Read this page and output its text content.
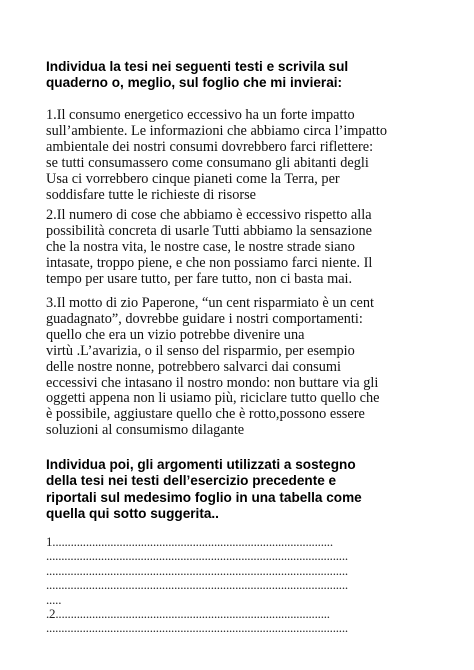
Individua la tesi nei seguenti testi e scrivila sul
quaderno o, meglio, sul foglio che mi invierai:
1.Il consumo energetico eccessivo ha un forte impatto
sull’ambiente. Le informazioni che abbiamo circa l’impatto
ambientale dei nostri consumi dovrebbero farci riflettere:
se tutti consumassero come consumano gli abitanti degli
Usa ci vorrebbero cinque pianeti come la Terra, per
soddisfare tutte le richieste di risorse
2.Il numero di cose che abbiamo è eccessivo rispetto alla
possibilità concreta di usarle Tutti abbiamo la sensazione
che la nostra vita, le nostre case, le nostre strade siano
intasate, troppo piene, e che non possiamo farci niente. Il
tempo per usare tutto, per fare tutto, non ci basta mai.
3.Il motto di zio Paperone, “un cent risparmiato è un cent
guadagnato”, dovrebbe guidare i nostri comportamenti:
quello che era un vizio potrebbe divenire una
virtù .L’avarizia, o il senso del risparmio, per esempio
delle nostre nonne, potrebbero salvarci dai consumi
eccessivi che intasano il nostro mondo: non buttare via gli
oggetti appena non li usiamo più, riciclare tutto quello che
è possibile, aggiustare quello che è rotto,possono essere
soluzioni al consumismo dilagante
Individua poi, gli argomenti utilizzati a sostegno
della tesi nei testi dell’esercizio precedente e
riportali sul medesimo foglio in una tabella come
quella qui sotto suggerita..
1............................................................................................
...................................................................................................
...................................................................................................
...................................................................................................
.....
.2..........................................................................................
...................................................................................................
